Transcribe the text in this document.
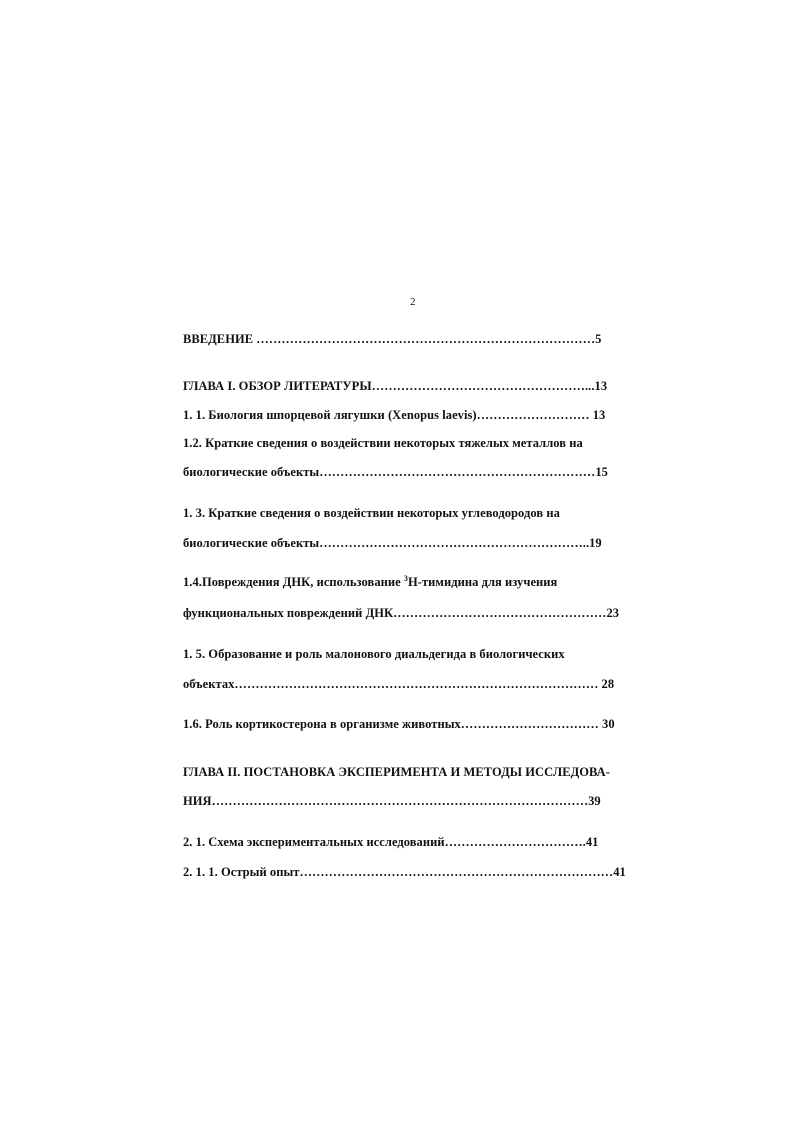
2
ВВЕДЕНИЕ ………………………………………………………………………5
ГЛАВА I. ОБЗОР ЛИТЕРАТУРЫ……………………………………………...13
1. 1. Биология шпорцевой лягушки (Xenopus laevis)……………………… 13
1.2. Краткие сведения о воздействии некоторых тяжелых металлов на
биологические объекты…………………………………………………………15
1. 3. Краткие сведения о воздействии некоторых углеводородов на
биологические объекты………………………………………………………..19
1.4.Повреждения ДНК, использование $^3$Н-тимидина для изучения
функциональных повреждений ДНК……………………………………………23
1. 5. Образование и роль малонового диальдегида в биологических
объектах…………………………………………………………………………… 28
1.6. Роль кортикостерона в организме животных…………………………… 30
ГЛАВА II. ПОСТАНОВКА ЭКСПЕРИМЕНТА И МЕТОДЫ ИССЛЕДОВА-
НИЯ………………………………………………………………………………39
2. 1. Схема экспериментальных исследований…………………………….41
2. 1. 1. Острый опыт…………………………………………………………………41
